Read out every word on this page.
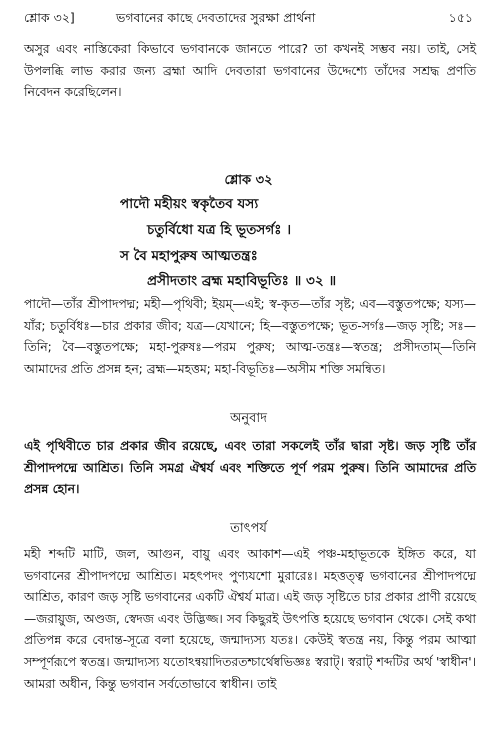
শ্লোক ৩২]	ভগবানের কাছে দেবতাদের সুরক্ষা প্রার্থনা	১৫১
অসুর এবং নাস্তিকেরা কিভাবে ভগবানকে জানতে পারে? তা কখনই সম্ভব নয়। তাই, সেই উপলব্ধি লাভ করার জন্য ব্রহ্মা আদি দেবতারা ভগবানের উদ্দেশ্যে তাঁদের সশ্রদ্ধ প্রণতি নিবেদন করেছিলেন।
শ্লোক ৩২
পাদৌ মহীয়ং স্বকৃতৈব যস্য
চতুর্বিধো যত্র হি ভূতসর্গঃ ।
স বৈ মহাপুরুষ আত্মতন্ত্রঃ
প্রসীদতাং ব্রহ্ম মহাবিভূতিঃ ॥ ৩২ ॥
পাদৌ—তাঁর শ্রীপাদপদ্ম; মহী—পৃথিবী; ইয়ম্—এই; স্ব-কৃত—তাঁর সৃষ্ট; এব—বস্তুতপক্ষে; যস্য—যাঁর; চতুর্বিধঃ—চার প্রকার জীব; যত্র—যেখানে; হি—বস্তুতপক্ষে; ভূত-সর্গঃ—জড় সৃষ্টি; সঃ—তিনি; বৈ—বস্তুতপক্ষে; মহা-পুরুষঃ—পরম পুরুষ; আত্ম-তন্ত্রঃ—স্বতন্ত্র; প্রসীদতাম্—তিনি আমাদের প্রতি প্রসন্ন হন; ব্রহ্ম—মহত্তম; মহা-বিভূতিঃ—অসীম শক্তি সমন্বিত।
অনুবাদ
এই পৃথিবীতে চার প্রকার জীব রয়েছে, এবং তারা সকলেই তাঁর দ্বারা সৃষ্ট। জড় সৃষ্টি তাঁর শ্রীপাদপদ্মে আশ্রিত। তিনি সমগ্র ঐশ্বর্য এবং শক্তিতে পূর্ণ পরম পুরুষ। তিনি আমাদের প্রতি প্রসন্ন হোন।
তাৎপর্য
মহী শব্দটি মাটি, জল, আগুন, বায়ু এবং আকাশ—এই পঞ্চ-মহাভূতকে ইঙ্গিত করে, যা ভগবানের শ্রীপাদপদ্মে আশ্রিত। মহৎপদং পুণ্যযশো মুরারেঃ। মহত্তত্ত্ব ভগবানের শ্রীপাদপদ্মে আশ্রিত, কারণ জড় সৃষ্টি ভগবানের একটি ঐশ্বর্য মাত্র। এই জড় সৃষ্টিতে চার প্রকার প্রাণী রয়েছে—জরায়ুজ, অণ্ডজ, স্বেদজ এবং উদ্ভিজ্জ। সব কিছুরই উৎপত্তি হয়েছে ভগবান থেকে। সেই কথা প্রতিপন্ন করে বেদান্ত-সূত্রে বলা হয়েছে, জন্মাদ্যস্য যতঃ। কেউই স্বতন্ত্র নয়, কিন্তু পরম আত্মা সম্পূর্ণরূপে স্বতন্ত্র। জন্মাদ্যস্য যতোঽন্বয়াদিতরতশ্চার্থেষ্বভিজ্ঞঃ স্বরাট্। স্বরাট্ শব্দটির অর্থ 'স্বাধীন'। আমরা অধীন, কিন্তু ভগবান সর্বতোভাবে স্বাধীন। তাই
